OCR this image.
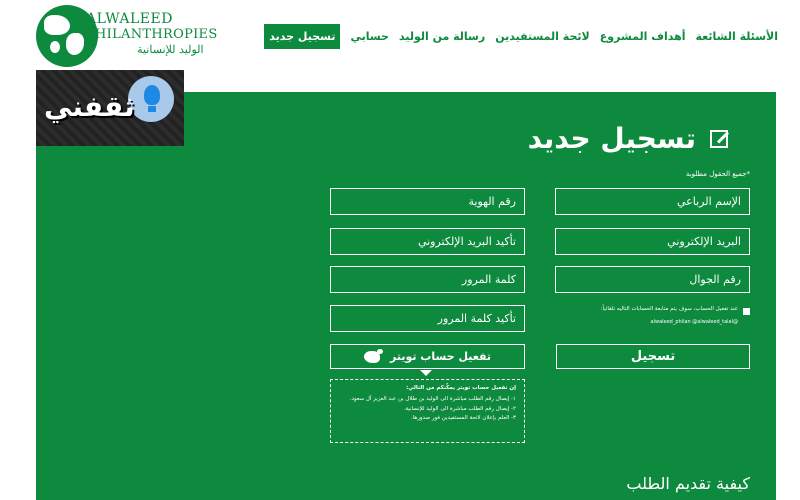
ALWALEED
PHILANTHROPIES
الوليد للإنسانية
تسجيل جديد	حسابي رسالة من الوليد لائحة المستفيدين أهداف المشروع الأسئلة الشائعة
ثقفني
تسجيل جديد
*جميع الحقول مطلوبة
الإسم الرباعي
رقم الهوية
البريد الإلكتروني
تأكيد البريد الإلكتروني
رقم الجوال
كلمة المرور
عند تفعيل الحساب، سوف يتم متابعة الحسابات التاليه تلقائياً:
@alwaleed_philan @alwaleed_talal
تأكيد كلمة المرور
تسجيل
تفعيل حساب تويتر
إن تفعيل حساب تويتر يمكّنكم من التالي:
١- إيصال رقم الطلب مباشرة الى الوليد بن طلال بن عبد العزيز آل سعود.
٢- إيصال رقم الطلب مباشرة الى الوليد للإنسانية.
٣- العلم بإعلان لائحة المستفيدين فور صدورها.
كيفية تقديم الطلب
